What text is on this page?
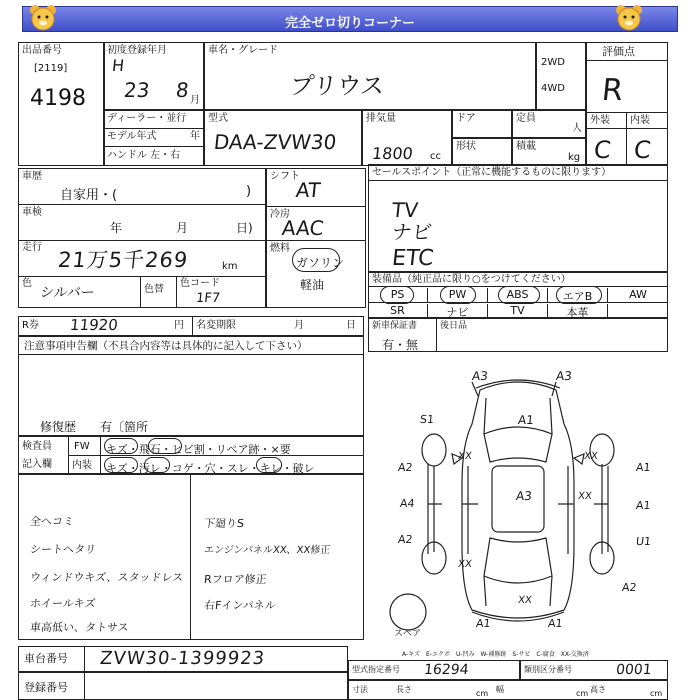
完全ゼロ切りコーナー
出品番号
[2119]
4198
初度登録年月
H
23 8 月
車名・グレード
プリウス
2WD
4WD
評価点
R
外装 内装
C C
ディーラー・並行
モデル年式	年
ハンドル 左・右
型式
DAA-ZVW30
排気量
1800 cc
ドア	定員
人
形状	積載
kg
車歴
自家用・(	)
車検
年	月	日)
走行
21万5千269	km
色
シルバー	色替
色コード
1F7
シフト
AT
冷房
AAC
燃料
ガソリン
軽油
セールスポイント（正常に機能するものに限ります）
TV
ナビ
ETC
装備品（純正品に限り○をつけてください）
PS	PW	ABS	エアB	AW
SR	ナビ	TV	本革
R券 11920	円 名変期限	月	日 新車保証書
有・無
後日品
注意事項申告欄（不具合内容等は具体的に記入して下さい）
修復歴　　有〔箇所
検査員
記入欄
FW キズ・飛石・ヒビ割・リペア跡・×要
内装 キズ・汚レ・コゲ・穴・スレ・キレ・破レ
全ヘコミ
シートヘタリ
ウィンドウキズ、スタッドレス
ホイールキズ
車高低い、タトサス
下廻りS
エンジンパネルXX、XX修正
Rフロア修正
右Fインパネル
A3	A3
A1
S1
A2
XX	XX
A1
A1
A4
A3	XX
A2	U1
XX
A2
XX
A1	A1
スペア
A-キズ　E-エクボ　U-凹み　W-補修跡　S-サビ　C-腐食　XX-交換済
車台番号 ZVW30-1399923
登録番号
型式指定番号 16294	類別区分番号	0001
寸法	長さ	cm 幅	cm 高さ	cm
